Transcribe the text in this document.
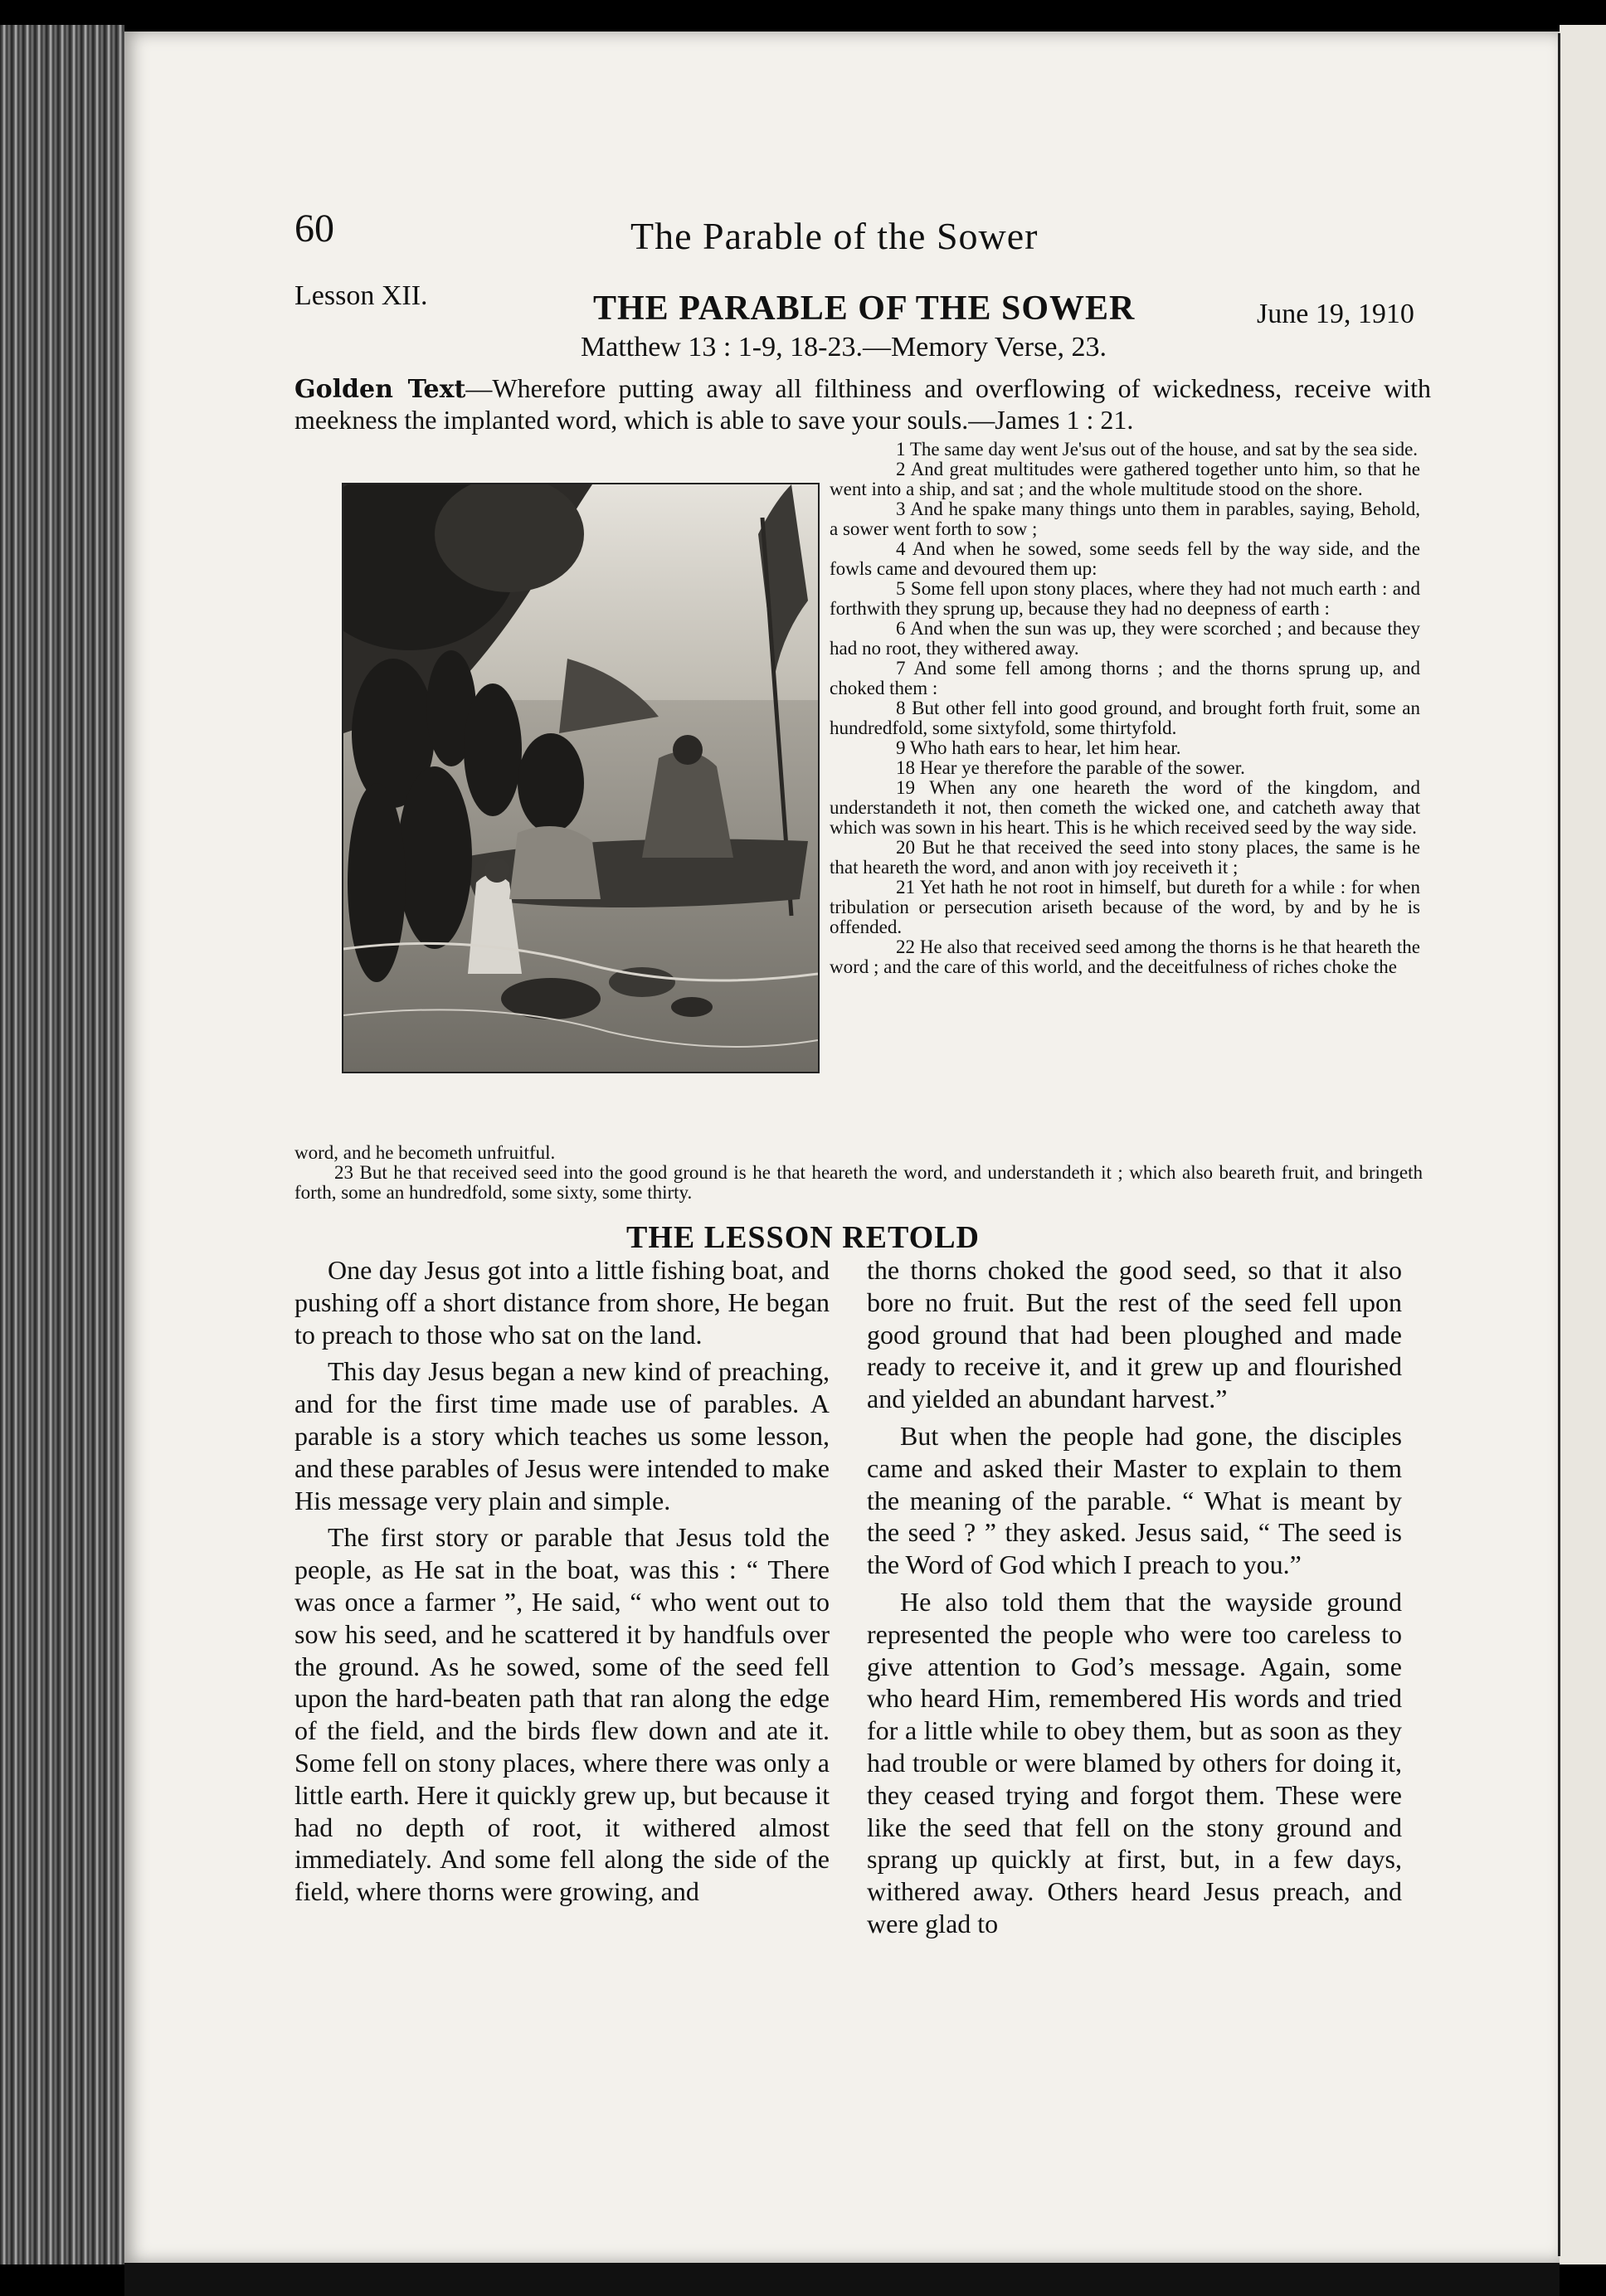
60	The Parable of the Sower
Lesson XII.	THE PARABLE OF THE SOWER	June 19, 1910
Matthew 13 : 1-9, 18-23.—Memory Verse, 23.
Golden Text—Wherefore putting away all filthiness and overflowing of wickedness, receive with meekness the implanted word, which is able to save your souls.—James 1 : 21.

1 The same day went Je'sus out of the house, and sat by the sea side.

2 And great multitudes were gathered together unto him, so that he went into a ship, and sat ; and the whole multitude stood on the shore.

3 And he spake many things unto them in parables, saying, Behold, a sower went forth to sow ;

4 And when he sowed, some seeds fell by the way side, and the fowls came and devoured them up:

5 Some fell upon stony places, where they had not much earth : and forthwith they sprung up, because they had no deepness of earth :

6 And when the sun was up, they were scorched ; and because they had no root, they withered away.

7 And some fell among thorns ; and the thorns sprung up, and choked them :

8 But other fell into good ground, and brought forth fruit, some an hundredfold, some sixtyfold, some thirtyfold.

9 Who hath ears to hear, let him hear.

18 Hear ye therefore the parable of the sower.

19 When any one heareth the word of the kingdom, and understandeth it not, then cometh the wicked one, and catcheth away that which was sown in his heart. This is he which received seed by the way side.

20 But he that received the seed into stony places, the same is he that heareth the word, and anon with joy receiveth it ;

21 Yet hath he not root in himself, but dureth for a while : for when tribulation or persecution ariseth because of the word, by and by he is offended.

22 He also that received seed among the thorns is he that heareth the word ; and the care of this world, and the deceitfulness of riches choke the

word, and he becometh unfruitful.

23 But he that received seed into the good ground is he that heareth the word, and understandeth it ; which also beareth fruit, and bringeth forth, some an hundredfold, some sixty, some thirty.

THE LESSON RETOLD

One day Jesus got into a little fishing boat, and pushing off a short distance from shore, He began to preach to those who sat on the land.

This day Jesus began a new kind of preaching, and for the first time made use of parables. A parable is a story which teaches us some lesson, and these parables of Jesus were intended to make His message very plain and simple.

The first story or parable that Jesus told the people, as He sat in the boat, was this : “ There was once a farmer ”, He said, “ who went out to sow his seed, and he scattered it by handfuls over the ground. As he sowed, some of the seed fell upon the hard-beaten path that ran along the edge of the field, and the birds flew down and ate it. Some fell on stony places, where there was only a little earth. Here it quickly grew up, but because it had no depth of root, it withered almost immediately. And some fell along the side of the field, where thorns were growing, and

the thorns choked the good seed, so that it also bore no fruit. But the rest of the seed fell upon good ground that had been ploughed and made ready to receive it, and it grew up and flourished and yielded an abundant harvest.”

But when the people had gone, the disciples came and asked their Master to explain to them the meaning of the parable. “ What is meant by the seed ? ” they asked. Jesus said, “ The seed is the Word of God which I preach to you.”

He also told them that the wayside ground represented the people who were too careless to give attention to God’s message. Again, some who heard Him, remembered His words and tried for a little while to obey them, but as soon as they had trouble or were blamed by others for doing it, they ceased trying and forgot them. These were like the seed that fell on the stony ground and sprang up quickly at first, but, in a few days, withered away. Others heard Jesus preach, and were glad to
